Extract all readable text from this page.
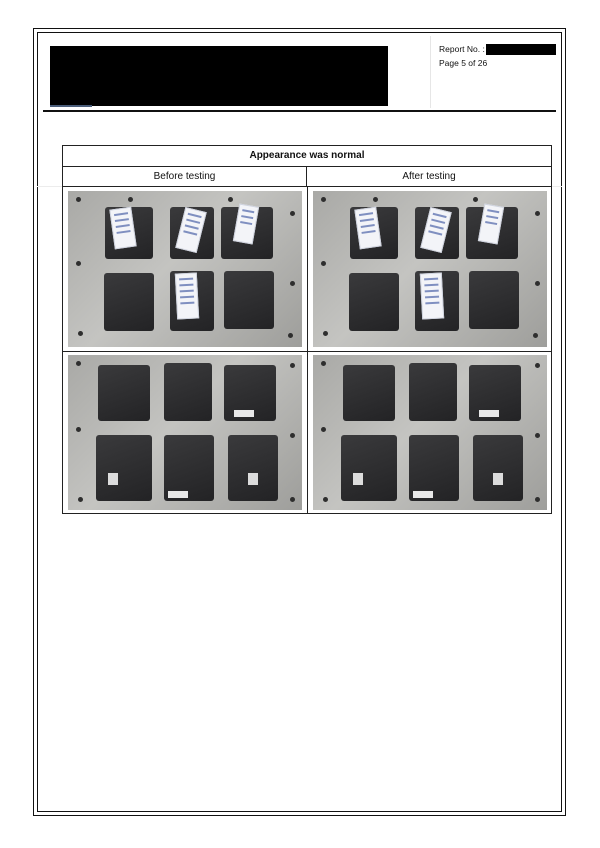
Report No. :
Page 5 of 26
Appearance was normal
Before testing	After testing
